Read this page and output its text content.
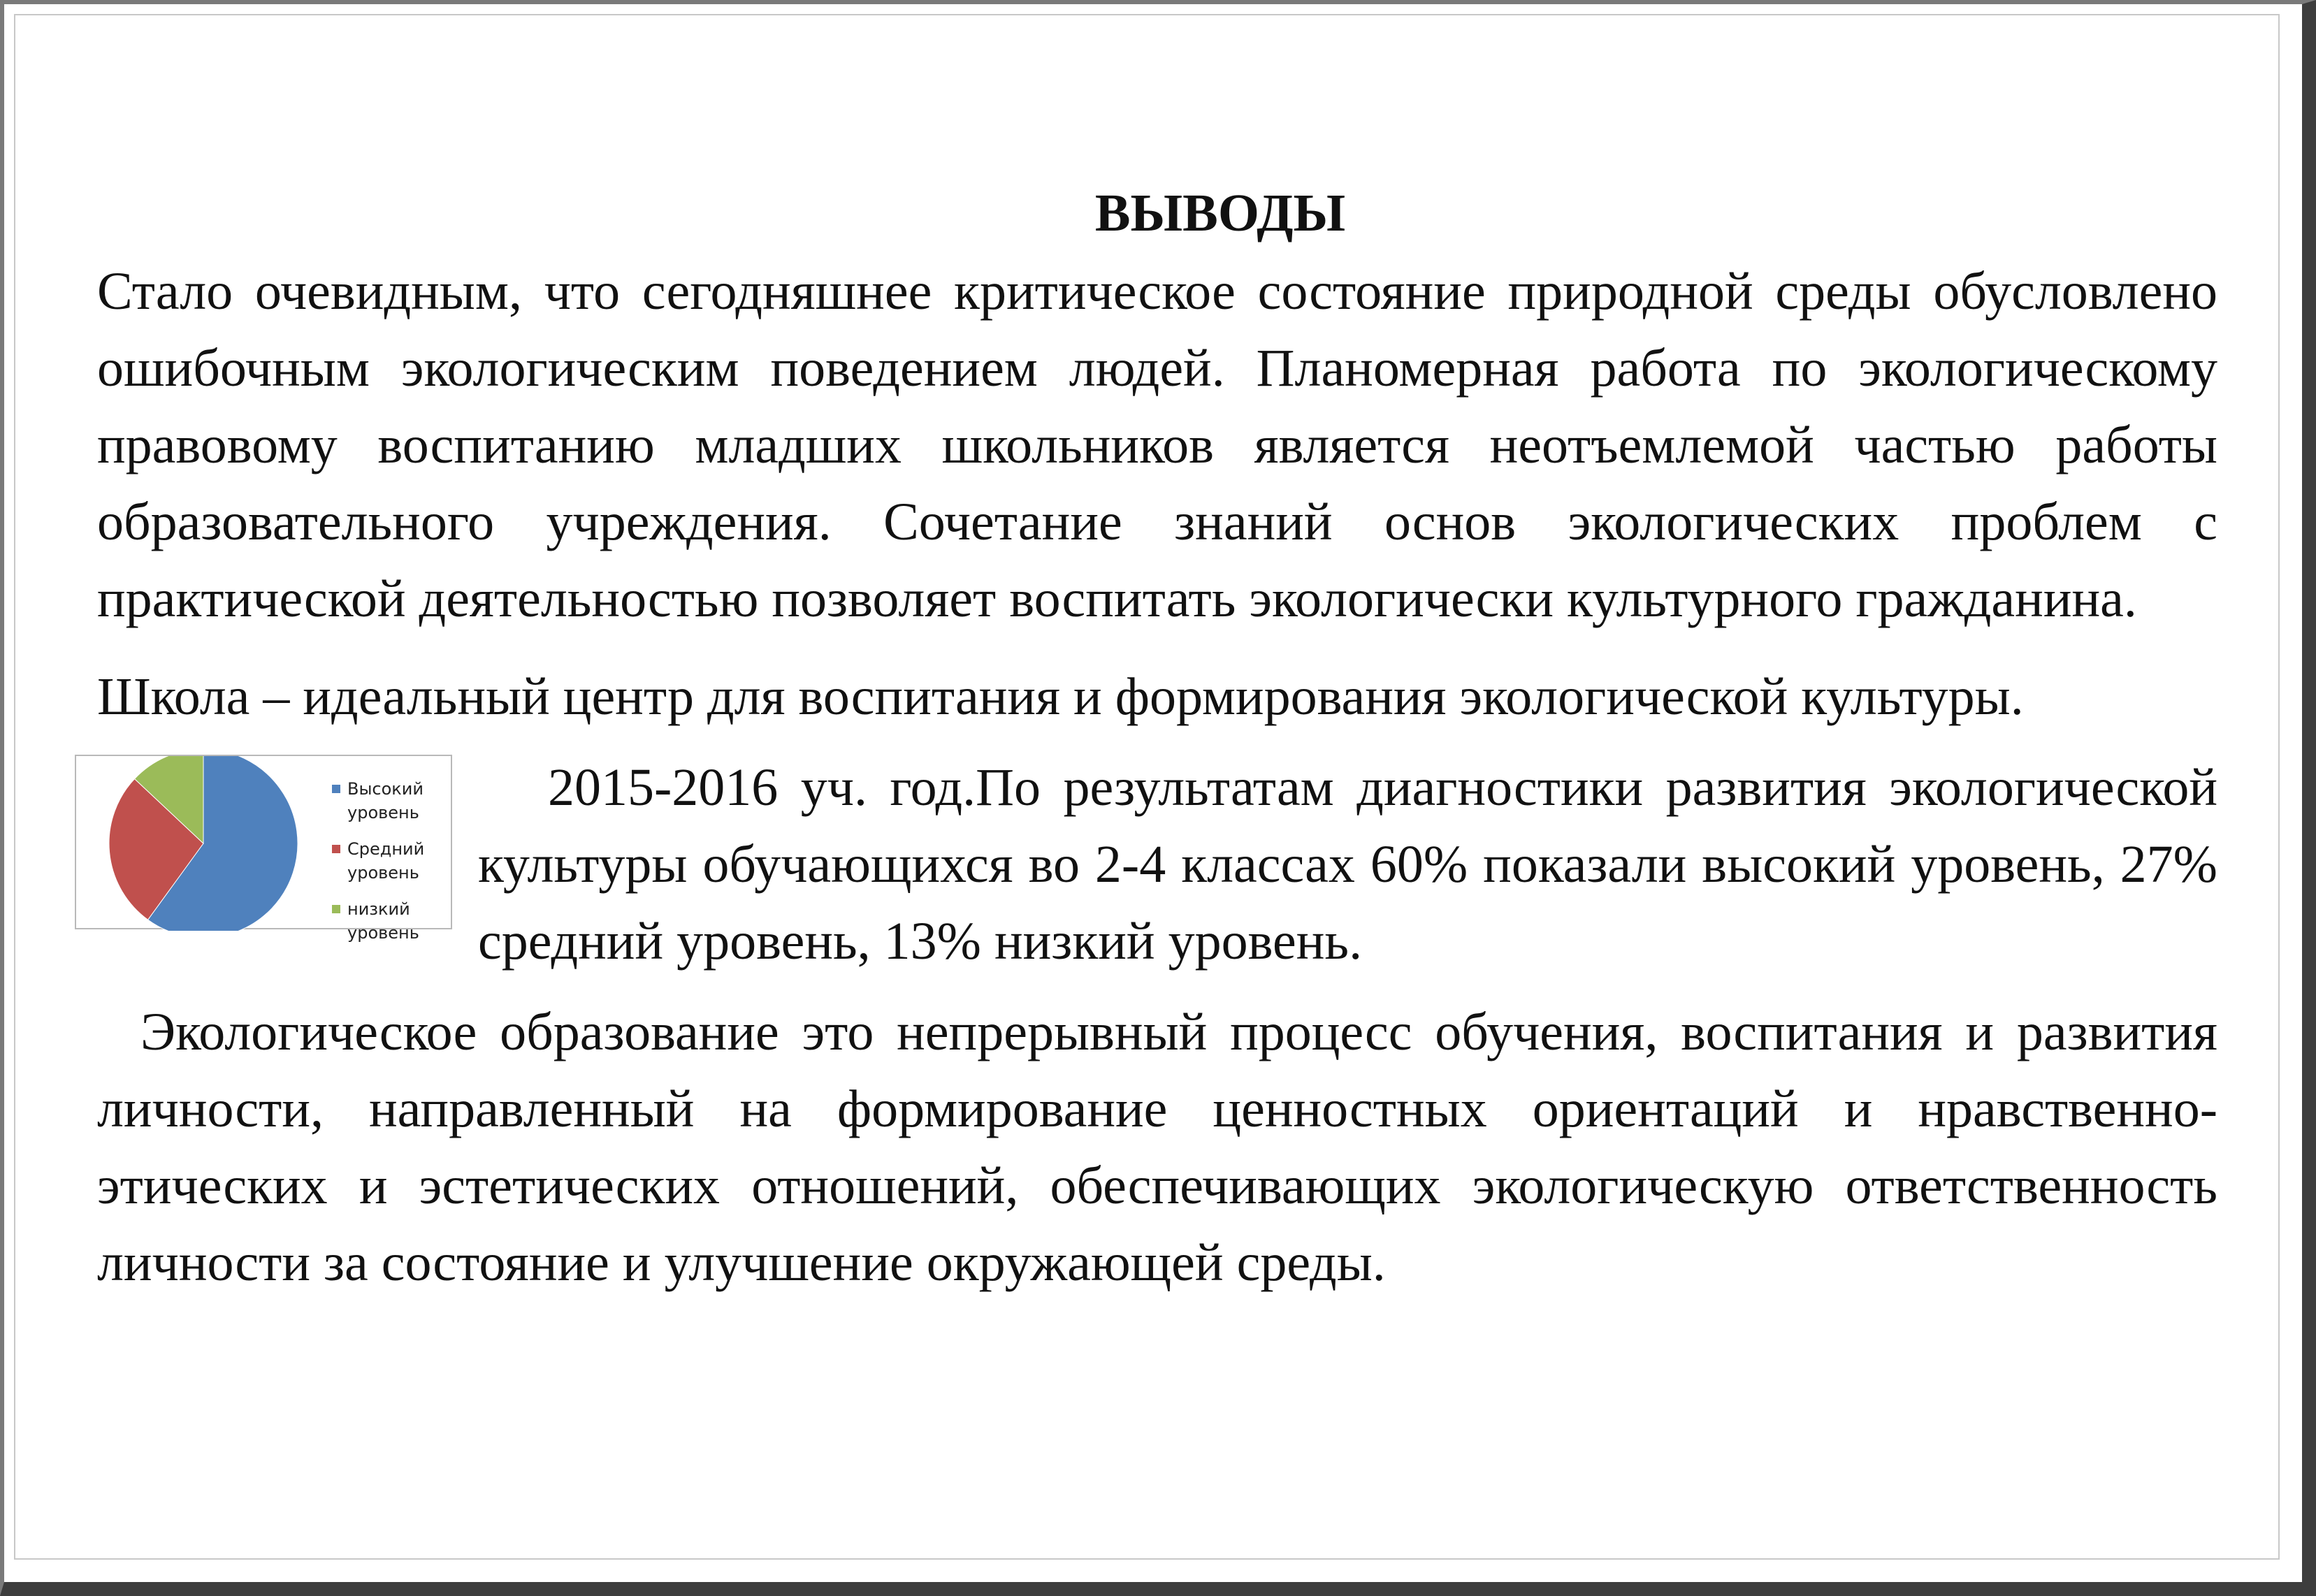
ВЫВОДЫ

Стало очевидным, что сегодняшнее критическое состояние природной среды обусловлено ошибочным экологическим поведением людей. Планомерная работа по экологическому правовому воспитанию младших школьников является неотъемлемой частью работы образовательного учреждения. Сочетание знаний основ экологических проблем с практической деятельностью позволяет воспитать экологически культурного гражданина.

Школа – идеальный центр для воспитания и формирования экологической культуры.

Высокий
уровень
Средний
уровень
низкий
уровень

2015-2016 уч. год.По результатам диагностики развития экологической культуры обучающихся во 2-4 классах 60% показали высокий уровень, 27% средний уровень, 13% низкий уровень.

Экологическое образование это непрерывный процесс обучения, воспитания и развития личности, направленный на формирование ценностных ориентаций и нравственно-этических и эстетических отношений, обеспечивающих экологическую ответственность личности за состояние и улучшение окружающей среды.
